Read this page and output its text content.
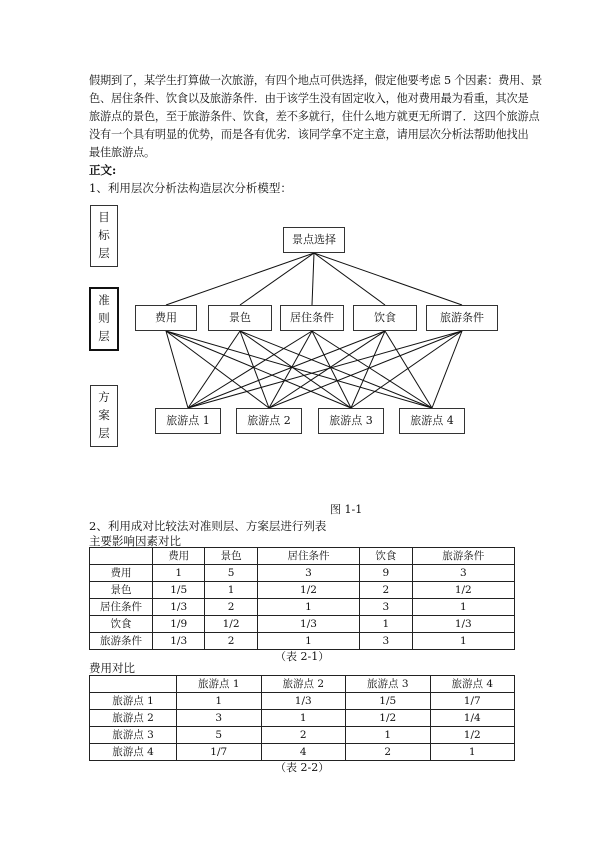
假期到了，某学生打算做一次旅游，有四个地点可供选择，假定他要考虑 5 个因素：费用、景
色、居住条件、饮食以及旅游条件．由于该学生没有固定收入，他对费用最为看重，其次是
旅游点的景色，至于旅游条件、饮食，差不多就行，住什么地方就更无所谓了．这四个旅游点
没有一个具有明显的优势，而是各有优劣．该同学拿不定主意，请用层次分析法帮助他找出
最佳旅游点。
正文:
1、利用层次分析法构造层次分析模型：
目
标
层
准
则
层
方
案
层
景点选择
费用	景色	居住条件	饮食	旅游条件
旅游点 1	旅游点 2	旅游点 3	旅游点 4
图 1-1
2、利用成对比较法对准则层、方案层进行列表
主要影响因素对比
	费用	景色	居住条件	饮食	旅游条件
费用	1	5	3	9	3
景色	1/5	1	1/2	2	1/2
居住条件	1/3	2	1	3	1
饮食	1/9	1/2	1/3	1	1/3
旅游条件	1/3	2	1	3	1
（表 2-1）
费用对比
	旅游点 1	旅游点 2	旅游点 3	旅游点 4
旅游点 1	1	1/3	1/5	1/7
旅游点 2	3	1	1/2	1/4
旅游点 3	5	2	1	1/2
旅游点 4	1/7	4	2	1
（表 2-2）
